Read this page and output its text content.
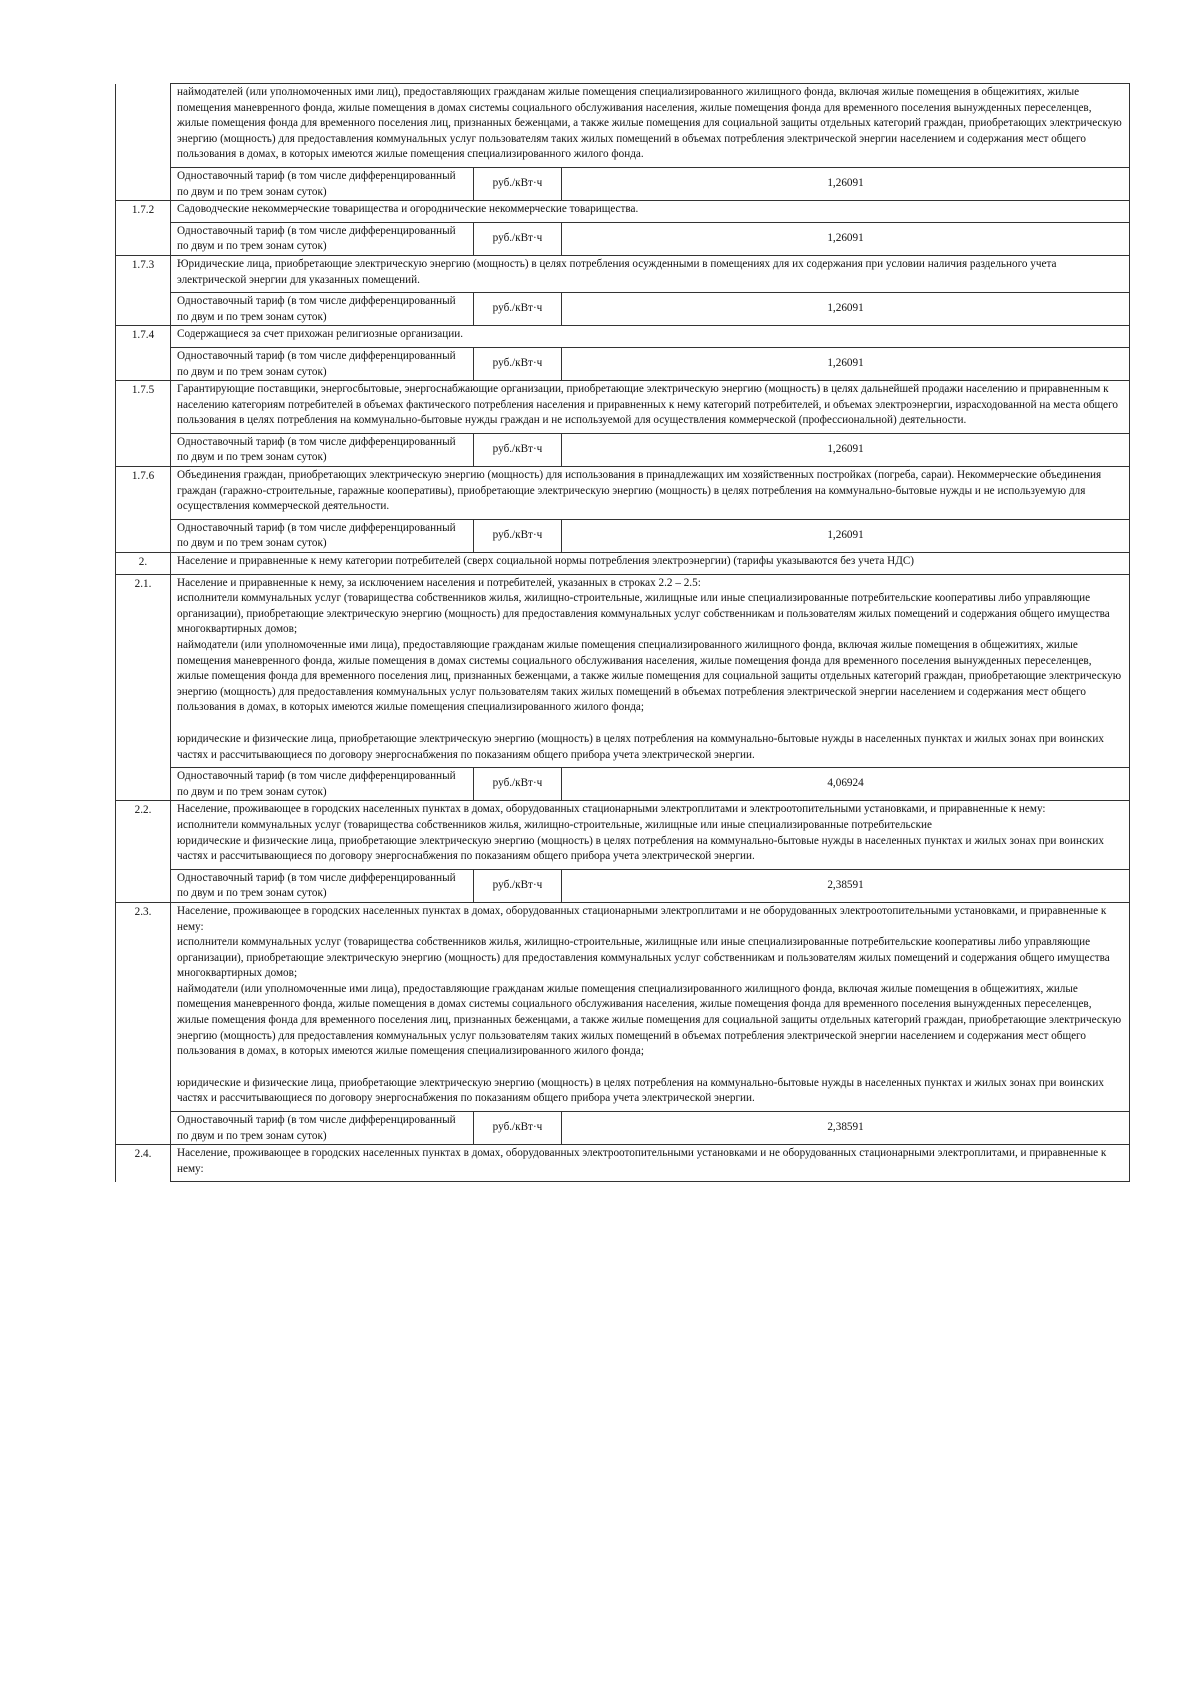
	наймодателей (или уполномоченных ими лиц), предоставляющих гражданам жилые помещения специализированного жилищного фонда, включая жилые помещения в общежитиях, жилые помещения маневренного фонда, жилые помещения в домах системы социального обслуживания населения, жилые помещения фонда для временного поселения вынужденных переселенцев, жилые помещения фонда для временного поселения лиц, признанных беженцами, а также жилые помещения для социальной защиты отдельных категорий граждан, приобретающих электрическую энергию (мощность) для предоставления коммунальных услуг пользователям таких жилых помещений в объемах потребления электрической энергии населением и содержания мест общего пользования в домах, в которых имеются жилые помещения специализированного жилого фонда.		

	Одноставочный тариф (в том числе дифференцированный по двум и по трем зонам суток)	руб./кВт·ч	1,26091
1.7.2	Садоводческие некоммерческие товарищества и огороднические некоммерческие товарищества.		

	Одноставочный тариф (в том числе дифференцированный по двум и по трем зонам суток)	руб./кВт·ч	1,26091
1.7.3	Юридические лица, приобретающие электрическую энергию (мощность) в целях потребления осужденными в помещениях для их содержания при условии наличия раздельного учета электрической энергии для указанных помещений.		

	Одноставочный тариф (в том числе дифференцированный по двум и по трем зонам суток)	руб./кВт·ч	1,26091
1.7.4	Содержащиеся за счет прихожан религиозные организации.		

	Одноставочный тариф (в том числе дифференцированный по двум и по трем зонам суток)	руб./кВт·ч	1,26091
1.7.5	Гарантирующие поставщики, энергосбытовые, энергоснабжающие организации, приобретающие электрическую энергию (мощность) в целях дальнейшей продажи населению и приравненным к населению категориям потребителей в объемах фактического потребления населения и приравненных к нему категорий потребителей, и объемах электроэнергии, израсходованной на места общего пользования в целях потребления на коммунально-бытовые нужды граждан и не используемой для осуществления коммерческой (профессиональной) деятельности.		

	Одноставочный тариф (в том числе дифференцированный по двум и по трем зонам суток)	руб./кВт·ч	1,26091
1.7.6	Объединения граждан, приобретающих электрическую энергию (мощность) для использования в принадлежащих им хозяйственных постройках (погреба, сараи). Некоммерческие объединения граждан (гаражно-строительные, гаражные кооперативы), приобретающие электрическую энергию (мощность) в целях потребления на коммунально-бытовые нужды и не используемую для осуществления коммерческой деятельности.		

	Одноставочный тариф (в том числе дифференцированный по двум и по трем зонам суток)	руб./кВт·ч	1,26091
2.	Население и приравненные к нему категории потребителей (сверх социальной нормы потребления электроэнергии) (тарифы указываются без учета НДС)		

2.1.	Население и приравненные к нему, за исключением населения и потребителей, указанных в строках 2.2 – 2.5:

исполнители коммунальных услуг (товарищества собственников жилья, жилищно-строительные, жилищные или иные специализированные потребительские кооперативы либо управляющие организации), приобретающие электрическую энергию (мощность) для предоставления коммунальных услуг собственникам и пользователям жилых помещений и содержания общего имущества многоквартирных домов;

наймодатели (или уполномоченные ими лица), предоставляющие гражданам жилые помещения специализированного жилищного фонда, включая жилые помещения в общежитиях, жилые помещения маневренного фонда, жилые помещения в домах системы социального обслуживания населения, жилые помещения фонда для временного поселения вынужденных переселенцев, жилые помещения фонда для временного поселения лиц, признанных беженцами, а также жилые помещения для социальной защиты отдельных категорий граждан, приобретающие электрическую энергию (мощность) для предоставления коммунальных услуг пользователям таких жилых помещений в объемах потребления электрической энергии населением и содержания мест общего пользования в домах, в которых имеются жилые помещения специализированного жилого фонда;

юридические и физические лица, приобретающие электрическую энергию (мощность) в целях потребления на коммунально-бытовые нужды в населенных пунктах и жилых зонах при воинских частях и рассчитывающиеся по договору энергоснабжения по показаниям общего прибора учета электрической энергии.		

	Одноставочный тариф (в том числе дифференцированный по двум и по трем зонам суток)	руб./кВт·ч	4,06924
2.2.	Население, проживающее в городских населенных пунктах в домах, оборудованных стационарными электроплитами и электроотопительными установками, и приравненные к нему:

исполнители коммунальных услуг (товарищества собственников жилья, жилищно-строительные, жилищные или иные специализированные потребительские

юридические и физические лица, приобретающие электрическую энергию (мощность) в целях потребления на коммунально-бытовые нужды в населенных пунктах и жилых зонах при воинских частях и рассчитывающиеся по договору энергоснабжения по показаниям общего прибора учета электрической энергии.		

	Одноставочный тариф (в том числе дифференцированный по двум и по трем зонам суток)	руб./кВт·ч	2,38591
2.3.	Население, проживающее в городских населенных пунктах в домах, оборудованных стационарными электроплитами и не оборудованных электроотопительными установками, и приравненные к нему:

исполнители коммунальных услуг (товарищества собственников жилья, жилищно-строительные, жилищные или иные специализированные потребительские кооперативы либо управляющие организации), приобретающие электрическую энергию (мощность) для предоставления коммунальных услуг собственникам и пользователям жилых помещений и содержания общего имущества многоквартирных домов;

наймодатели (или уполномоченные ими лица), предоставляющие гражданам жилые помещения специализированного жилищного фонда, включая жилые помещения в общежитиях, жилые помещения маневренного фонда, жилые помещения в домах системы социального обслуживания населения, жилые помещения фонда для временного поселения вынужденных переселенцев, жилые помещения фонда для временного поселения лиц, признанных беженцами, а также жилые помещения для социальной защиты отдельных категорий граждан, приобретающие электрическую энергию (мощность) для предоставления коммунальных услуг пользователям таких жилых помещений в объемах потребления электрической энергии населением и содержания мест общего пользования в домах, в которых имеются жилые помещения специализированного жилого фонда;

юридические и физические лица, приобретающие электрическую энергию (мощность) в целях потребления на коммунально-бытовые нужды в населенных пунктах и жилых зонах при воинских частях и рассчитывающиеся по договору энергоснабжения по показаниям общего прибора учета электрической энергии.		

	Одноставочный тариф (в том числе дифференцированный по двум и по трем зонам суток)	руб./кВт·ч	2,38591
2.4.	Население, проживающее в городских населенных пунктах в домах, оборудованных электроотопительными установками и не оборудованных стационарными электроплитами, и приравненные к нему:		
